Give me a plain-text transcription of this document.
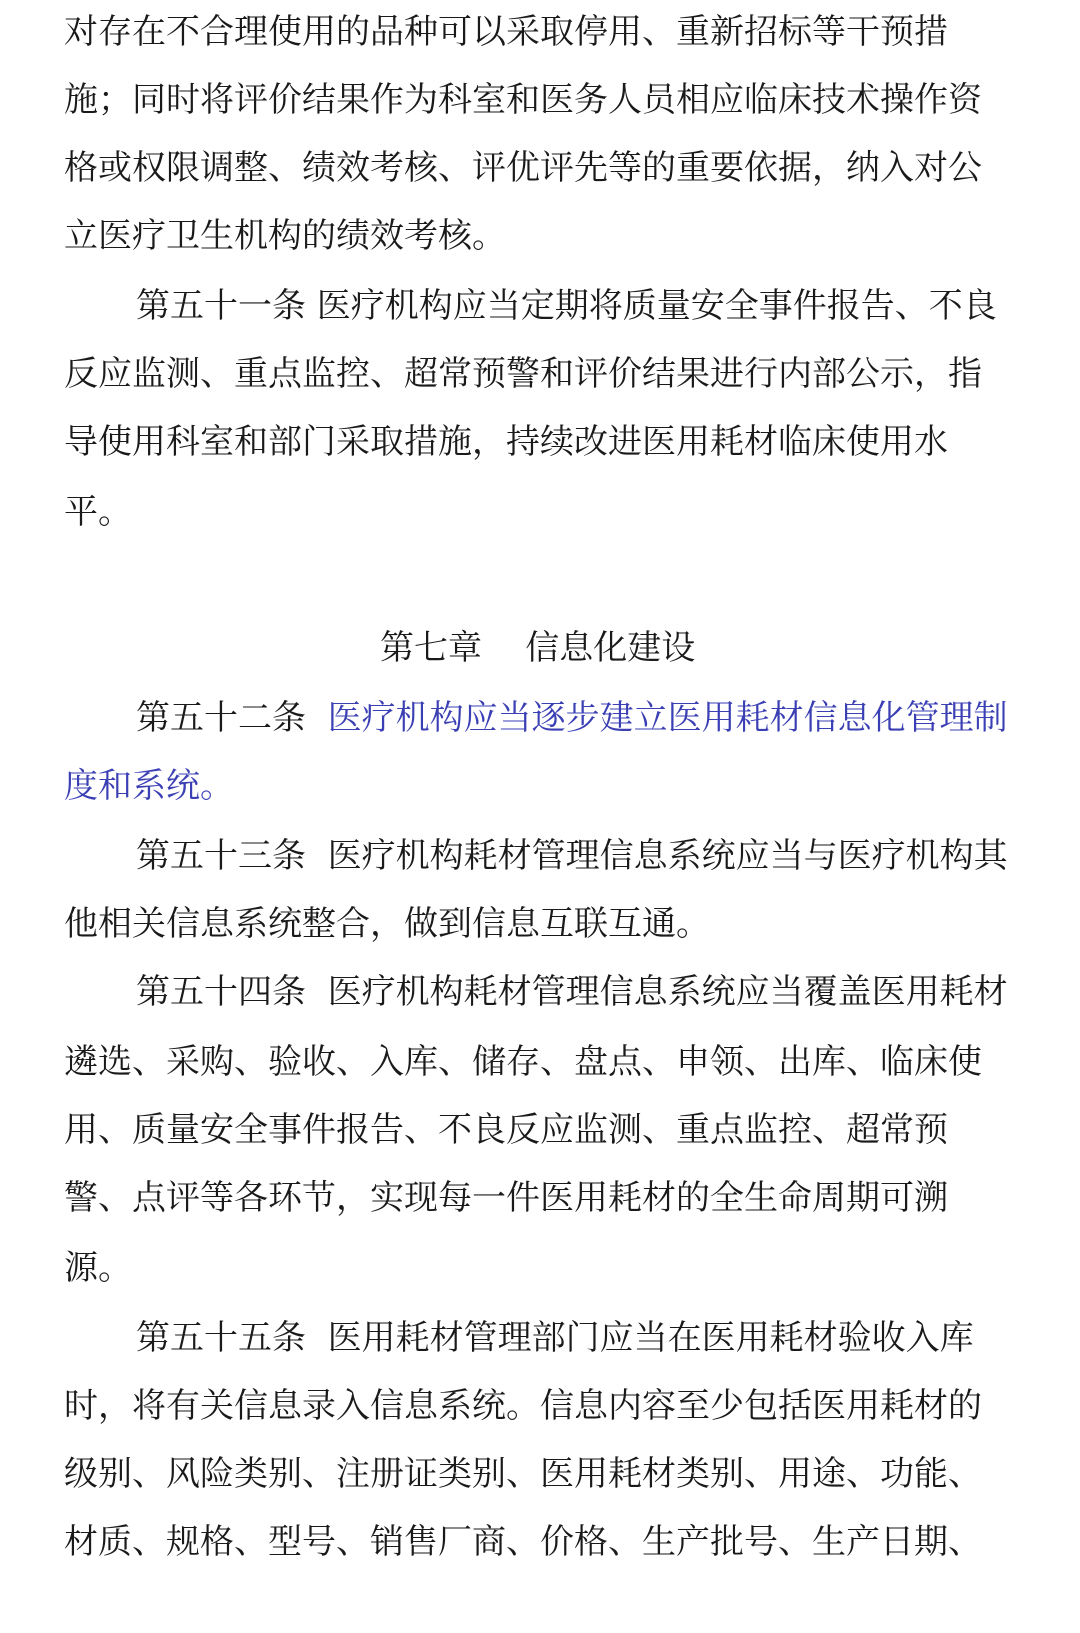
对存在不合理使用的品种可以采取停用、重新招标等干预措
施；同时将评价结果作为科室和医务人员相应临床技术操作资
格或权限调整、绩效考核、评优评先等的重要依据，纳入对公
立医疗卫生机构的绩效考核。
第五十一条 医疗机构应当定期将质量安全事件报告、不良
反应监测、重点监控、超常预警和评价结果进行内部公示，指
导使用科室和部门采取措施，持续改进医用耗材临床使用水
平。
第七章    信息化建设
第五十二条  医疗机构应当逐步建立医用耗材信息化管理制
度和系统。
第五十三条  医疗机构耗材管理信息系统应当与医疗机构其
他相关信息系统整合，做到信息互联互通。
第五十四条  医疗机构耗材管理信息系统应当覆盖医用耗材
遴选、采购、验收、入库、储存、盘点、申领、出库、临床使
用、质量安全事件报告、不良反应监测、重点监控、超常预
警、点评等各环节，实现每一件医用耗材的全生命周期可溯
源。
第五十五条  医用耗材管理部门应当在医用耗材验收入库
时，将有关信息录入信息系统。信息内容至少包括医用耗材的
级别、风险类别、注册证类别、医用耗材类别、用途、功能、
材质、规格、型号、销售厂商、价格、生产批号、生产日期、
